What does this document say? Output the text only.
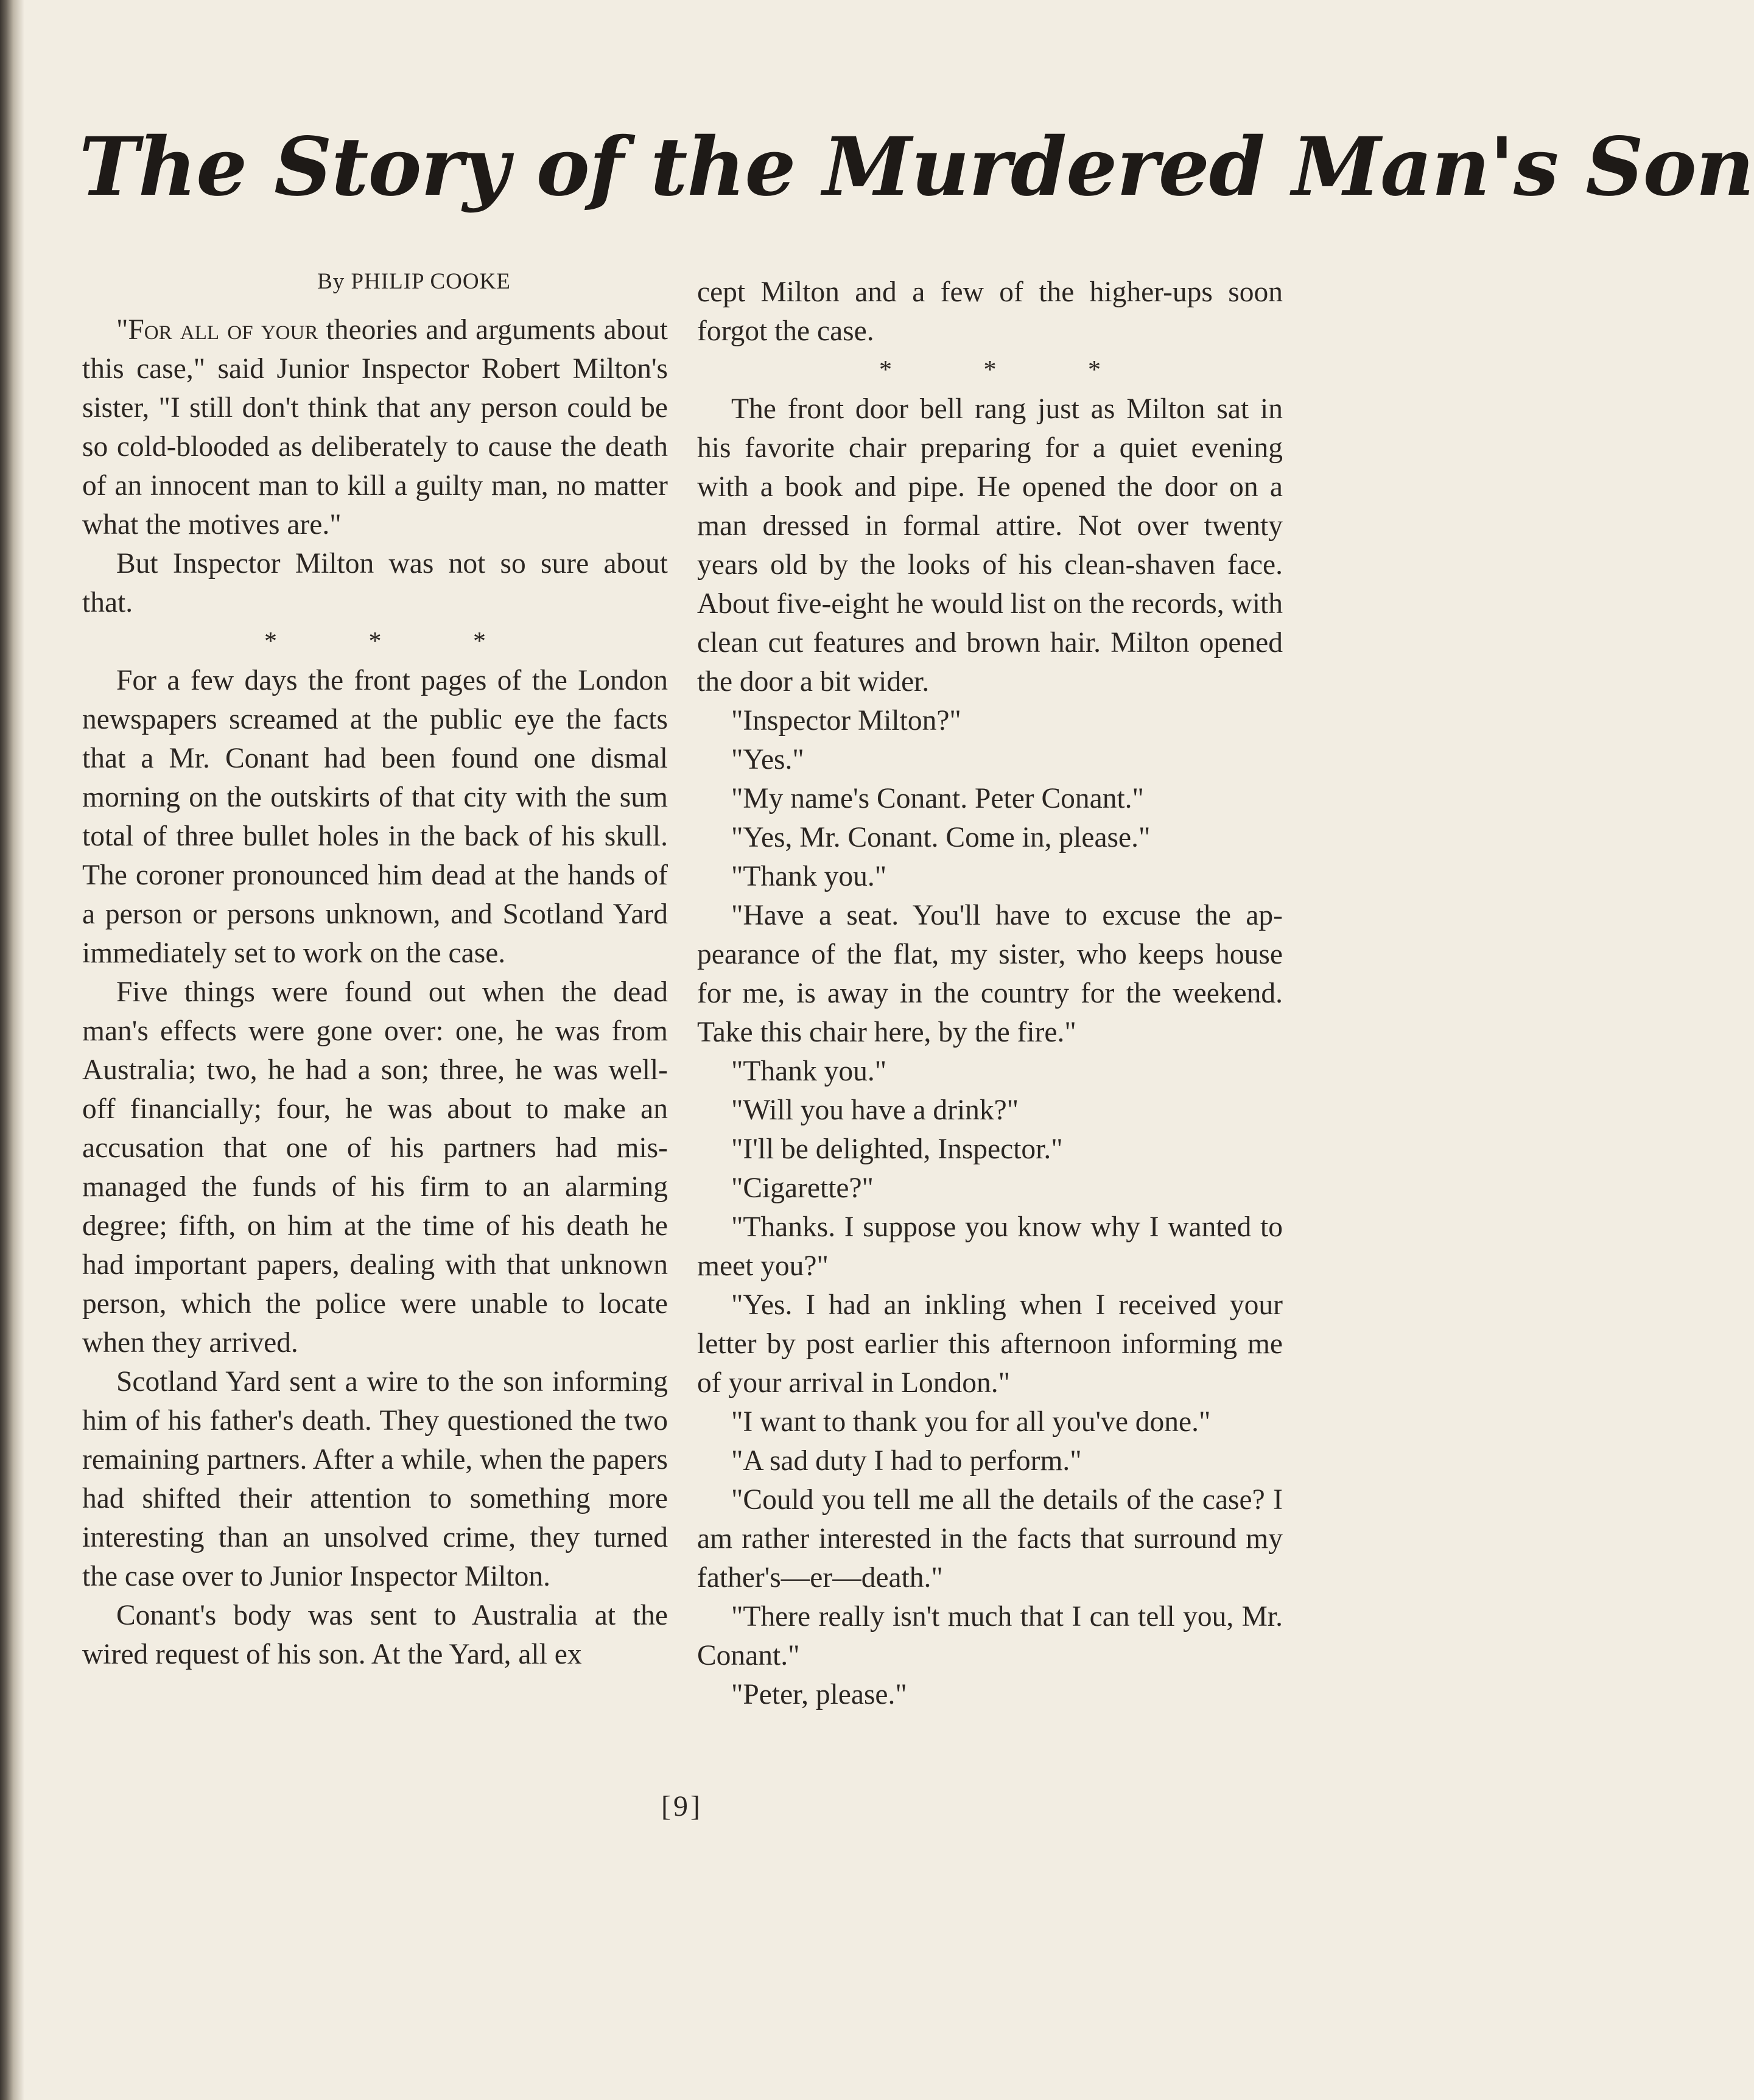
The Story of the Murdered Man's Son
By PHILIP COOKE

"For all of your theories and arguments about this case," said Junior Inspector Robert Milton's sister, "I still don't think that any person could be so cold-blooded as deliberately to cause the death of an innocent man to kill a guilty man, no matter what the motives are."

But Inspector Milton was not so sure about that.

* * *

For a few days the front pages of the London newspapers screamed at the public eye the facts that a Mr. Conant had been found one dismal morning on the outskirts of that city with the sum total of three bullet holes in the back of his skull. The coroner pronounced him dead at the hands of a person or persons unknown, and Scotland Yard immediately set to work on the case.

Five things were found out when the dead man's effects were gone over: one, he was from Australia; two, he had a son; three, he was well-off financially; four, he was about to make an accusation that one of his partners had mismanaged the funds of his firm to an alarming degree; fifth, on him at the time of his death he had important papers, dealing with that unknown person, which the police were unable to locate when they arrived.

Scotland Yard sent a wire to the son informing him of his father's death. They questioned the two remaining partners. After a while, when the papers had shifted their attention to something more interesting than an unsolved crime, they turned the case over to Junior Inspector Milton.

Conant's body was sent to Australia at the wired request of his son. At the Yard, all ex

cept Milton and a few of the higher-ups soon forgot the case.

* * *

The front door bell rang just as Milton sat in his favorite chair preparing for a quiet evening with a book and pipe. He opened the door on a man dressed in formal attire. Not over twenty years old by the looks of his clean-shaven face. About five-eight he would list on the records, with clean cut features and brown hair. Milton opened the door a bit wider.

"Inspector Milton?"

"Yes."

"My name's Conant. Peter Conant."

"Yes, Mr. Conant. Come in, please."

"Thank you."

"Have a seat. You'll have to excuse the appearance of the flat, my sister, who keeps house for me, is away in the country for the weekend. Take this chair here, by the fire."

"Thank you."

"Will you have a drink?"

"I'll be delighted, Inspector."

"Cigarette?"

"Thanks. I suppose you know why I wanted to meet you?"

"Yes. I had an inkling when I received your letter by post earlier this afternoon informing me of your arrival in London."

"I want to thank you for all you've done."

"A sad duty I had to perform."

"Could you tell me all the details of the case? I am rather interested in the facts that surround my father's—er—death."

"There really isn't much that I can tell you, Mr. Conant."

"Peter, please."

[9]
